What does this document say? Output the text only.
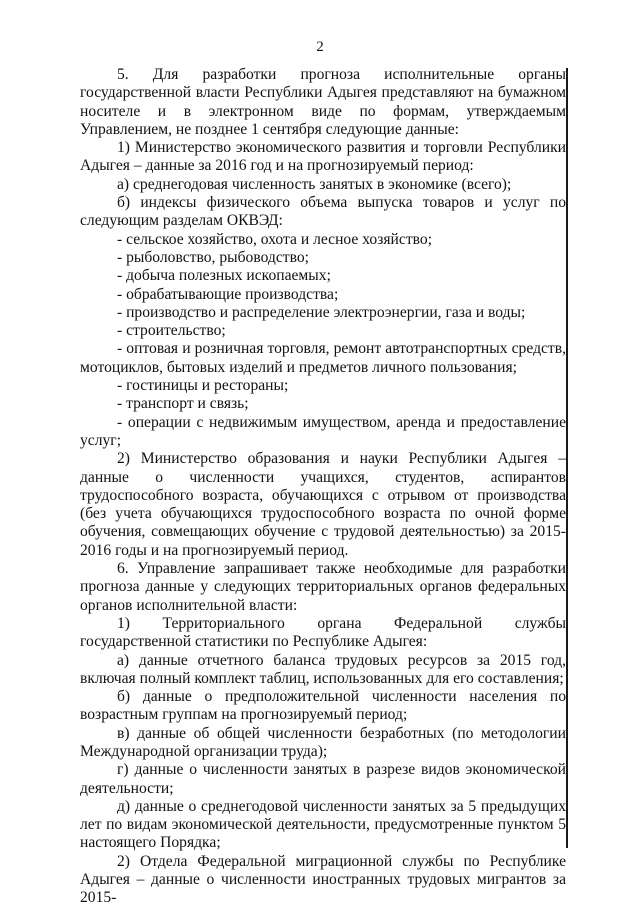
2

5. Для разработки прогноза исполнительные органы государственной власти Республики Адыгея представляют на бумажном носителе и в электронном виде по формам, утверждаемым Управлением, не позднее 1 сентября следующие данные:

1) Министерство экономического развития и торговли Республики Адыгея – данные за 2016 год и на прогнозируемый период:

а) среднегодовая численность занятых в экономике (всего);

б) индексы физического объема выпуска товаров и услуг по следующим разделам ОКВЭД:

- сельское хозяйство, охота и лесное хозяйство;

- рыболовство, рыбоводство;

- добыча полезных ископаемых;

- обрабатывающие производства;

- производство и распределение электроэнергии, газа и воды;

- строительство;

- оптовая и розничная торговля, ремонт автотранспортных средств, мотоциклов, бытовых изделий и предметов личного пользования;

- гостиницы и рестораны;

- транспорт и связь;

- операции с недвижимым имуществом, аренда и предоставление услуг;

2) Министерство образования и науки Республики Адыгея – данные о численности учащихся, студентов, аспирантов трудоспособного возраста, обучающихся с отрывом от производства (без учета обучающихся трудоспособного возраста по очной форме обучения, совмещающих обучение с трудовой деятельностью) за 2015-2016 годы и на прогнозируемый период.

6. Управление запрашивает также необходимые для разработки прогноза данные у следующих территориальных органов федеральных органов исполнительной власти:

1) Территориального органа Федеральной службы государственной статистики по Республике Адыгея:

а) данные отчетного баланса трудовых ресурсов за 2015 год, включая полный комплект таблиц, использованных для его составления;

б) данные о предположительной численности населения по возрастным группам на прогнозируемый период;

в) данные об общей численности безработных (по методологии Международной организации труда);

г) данные о численности занятых в разрезе видов экономической деятельности;

д) данные о среднегодовой численности занятых за 5 предыдущих лет по видам экономической деятельности, предусмотренные пунктом 5 настоящего Порядка;

2) Отдела Федеральной миграционной службы по Республике Адыгея – данные о численности иностранных трудовых мигрантов за 2015-
